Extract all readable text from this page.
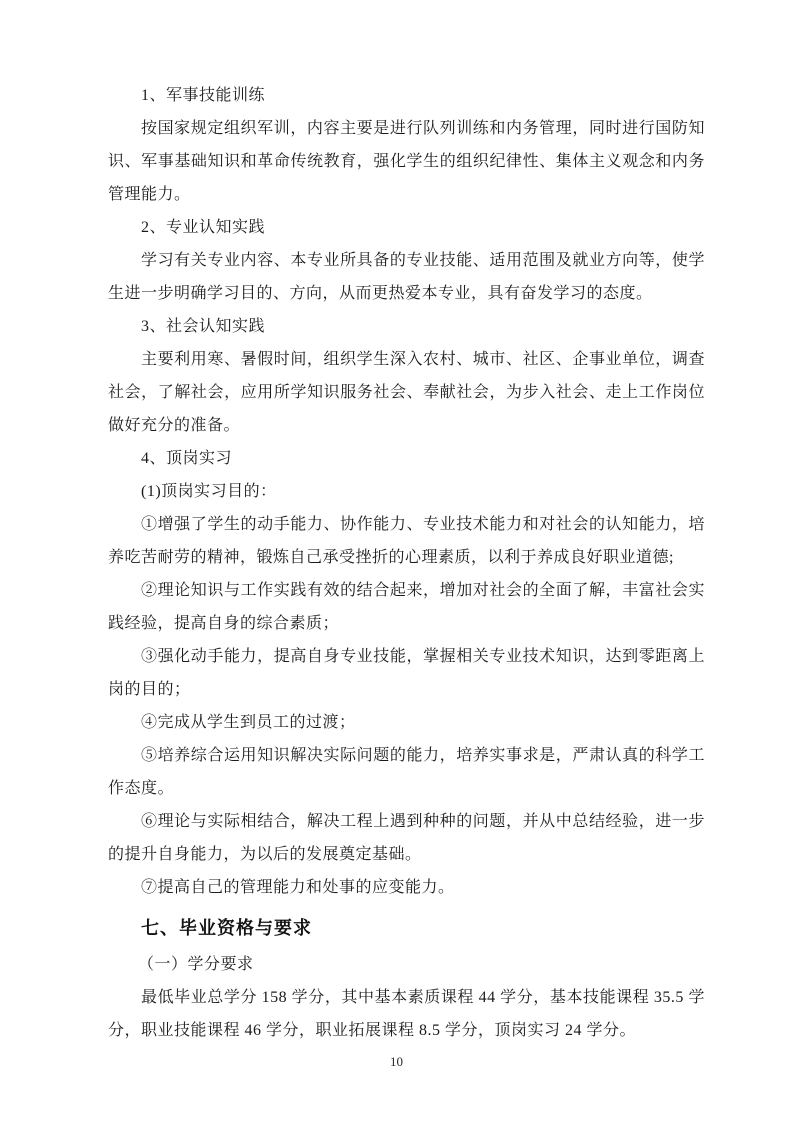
1、军事技能训练

按国家规定组织军训，内容主要是进行队列训练和内务管理，同时进行国防知识、军事基础知识和革命传统教育，强化学生的组织纪律性、集体主义观念和内务管理能力。

2、专业认知实践

学习有关专业内容、本专业所具备的专业技能、适用范围及就业方向等，使学生进一步明确学习目的、方向，从而更热爱本专业，具有奋发学习的态度。

3、社会认知实践

主要利用寒、暑假时间，组织学生深入农村、城市、社区、企事业单位，调查社会，了解社会，应用所学知识服务社会、奉献社会，为步入社会、走上工作岗位做好充分的准备。

4、顶岗实习

(1)顶岗实习目的：

①增强了学生的动手能力、协作能力、专业技术能力和对社会的认知能力，培养吃苦耐劳的精神，锻炼自己承受挫折的心理素质，以利于养成良好职业道德;

②理论知识与工作实践有效的结合起来，增加对社会的全面了解，丰富社会实践经验，提高自身的综合素质；

③强化动手能力，提高自身专业技能，掌握相关专业技术知识，达到零距离上岗的目的；

④完成从学生到员工的过渡；

⑤培养综合运用知识解决实际问题的能力，培养实事求是，严肃认真的科学工作态度。

⑥理论与实际相结合，解决工程上遇到种种的问题，并从中总结经验，进一步的提升自身能力，为以后的发展奠定基础。

⑦提高自己的管理能力和处事的应变能力。

七、毕业资格与要求

（一）学分要求

最低毕业总学分 158 学分，其中基本素质课程 44 学分，基本技能课程 35.5 学分，职业技能课程 46 学分，职业拓展课程 8.5 学分，顶岗实习 24 学分。

10
